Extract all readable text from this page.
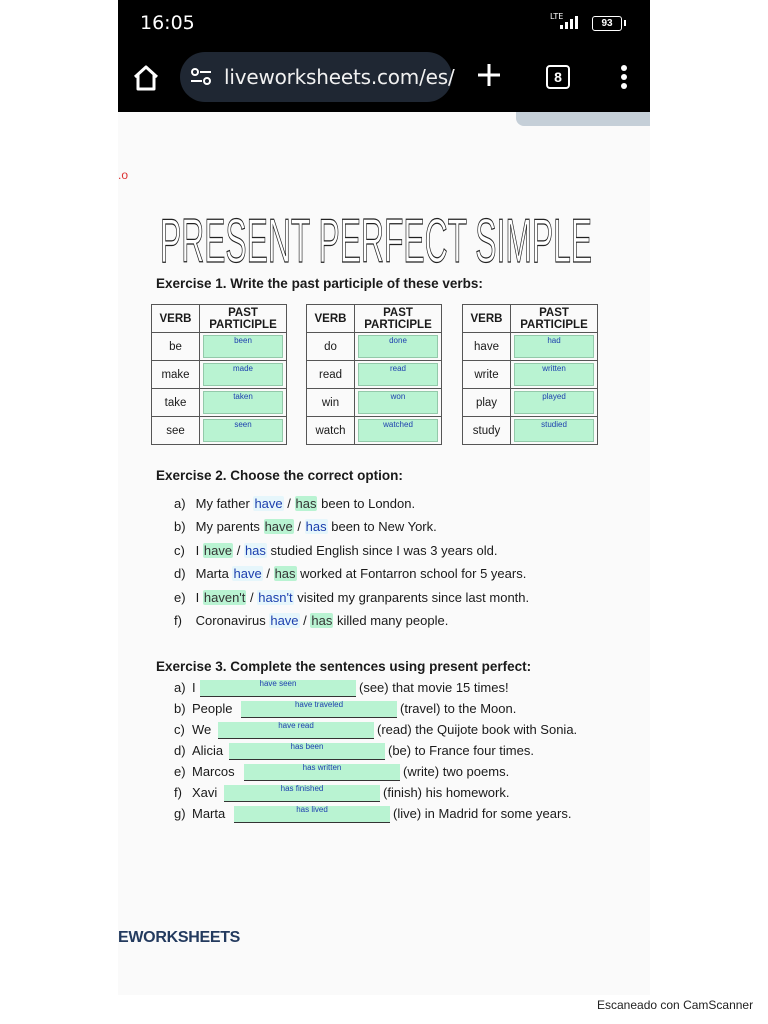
16:05	LTE
93
liveworksheets.com/es/	8
.o
PRESENT PERFECT SIMPLE
Exercise 1. Write the past participle of these verbs:
VERB	PAST
PARTICIPLE

be	been

make	made

take	taken

see	seen
VERB	PAST
PARTICIPLE

do	done

read	read

win	won

watch	watched
VERB	PAST
PARTICIPLE

have	had

write	written

play	played

study	studied
Exercise 2. Choose the correct option:
a) My father have / has been to London.
b) My parents have / has been to New York.
c) I have / has studied English since I was 3 years old.
d) Marta have / has worked at Fontarron school for 5 years.
e) I haven't / hasn't visited my granparents since last month.
f) Coronavirus have / has killed many people.
Exercise 3. Complete the sentences using present perfect:
a) I	have seen	(see) that movie 15 times!
b) People	have traveled	(travel) to the Moon.
c) We	have read	(read) the Quijote book with Sonia.
d) Alicia	has been	(be) to France four times.
e) Marcos	has written	(write) two poems.
f) Xavi	has finished	(finish) his homework.
g) Marta	has lived	(live) in Madrid for some years.
EWORKSHEETS
Escaneado con CamScanner
